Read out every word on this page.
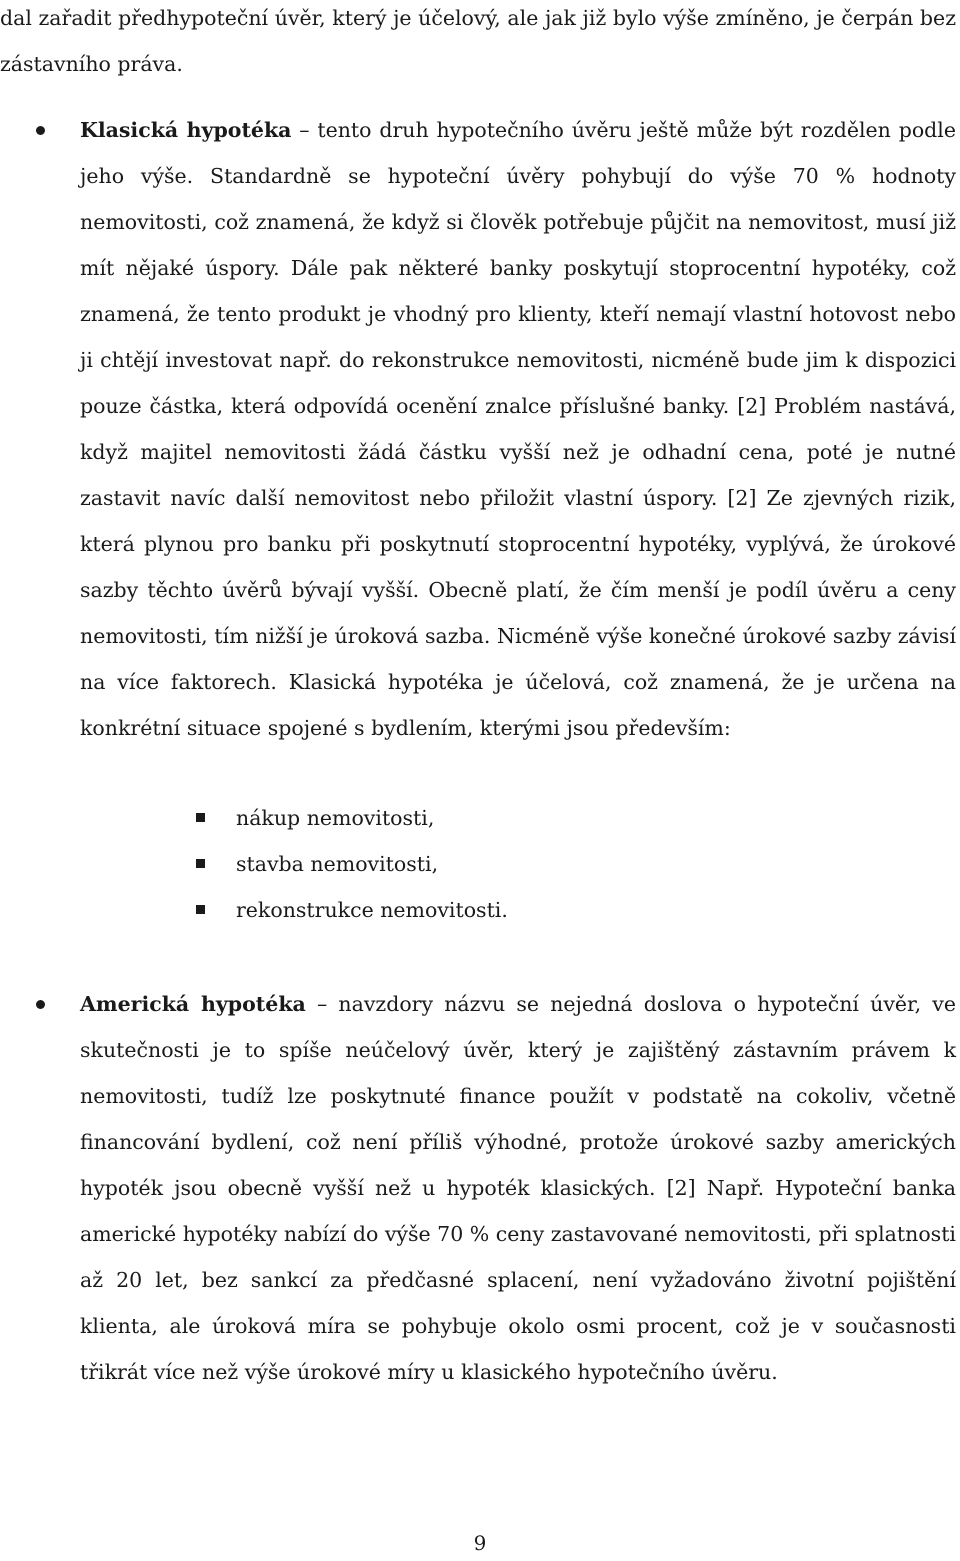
dal zařadit předhypoteční úvěr, který je účelový, ale jak již bylo výše zmíněno, je čerpán bez zástavního práva.

Klasická hypotéka – tento druh hypotečního úvěru ještě může být rozdělen podle jeho výše. Standardně se hypoteční úvěry pohybují do výše 70 % hodnoty nemovitosti, což znamená, že když si člověk potřebuje půjčit na nemovitost, musí již mít nějaké úspory. Dále pak některé banky poskytují stoprocentní hypotéky, což znamená, že tento produkt je vhodný pro klienty, kteří nemají vlastní hotovost nebo ji chtějí investovat např. do rekonstrukce nemovitosti, nicméně bude jim k dispozici pouze částka, která odpovídá ocenění znalce příslušné banky. [2] Problém nastává, když majitel nemovitosti žádá částku vyšší než je odhadní cena, poté je nutné zastavit navíc další nemovitost nebo přiložit vlastní úspory. [2] Ze zjevných rizik, která plynou pro banku při poskytnutí stoprocentní hypotéky, vyplývá, že úrokové sazby těchto úvěrů bývají vyšší. Obecně platí, že čím menší je podíl úvěru a ceny nemovitosti, tím nižší je úroková sazba. Nicméně výše konečné úrokové sazby závisí na více faktorech. Klasická hypotéka je účelová, což znamená, že je určena na konkrétní situace spojené s bydlením, kterými jsou především:

nákup nemovitosti,
stavba nemovitosti,
rekonstrukce nemovitosti.

Americká hypotéka – navzdory názvu se nejedná doslova o hypoteční úvěr, ve skutečnosti je to spíše neúčelový úvěr, který je zajištěný zástavním právem k nemovitosti, tudíž lze poskytnuté finance použít v podstatě na cokoliv, včetně financování bydlení, což není příliš výhodné, protože úrokové sazby amerických hypoték jsou obecně vyšší než u hypoték klasických. [2] Např. Hypoteční banka americké hypotéky nabízí do výše 70 % ceny zastavované nemovitosti, při splatnosti až 20 let, bez sankcí za předčasné splacení, není vyžadováno životní pojištění klienta, ale úroková míra se pohybuje okolo osmi procent, což je v současnosti třikrát více než výše úrokové míry u klasického hypotečního úvěru.

9
